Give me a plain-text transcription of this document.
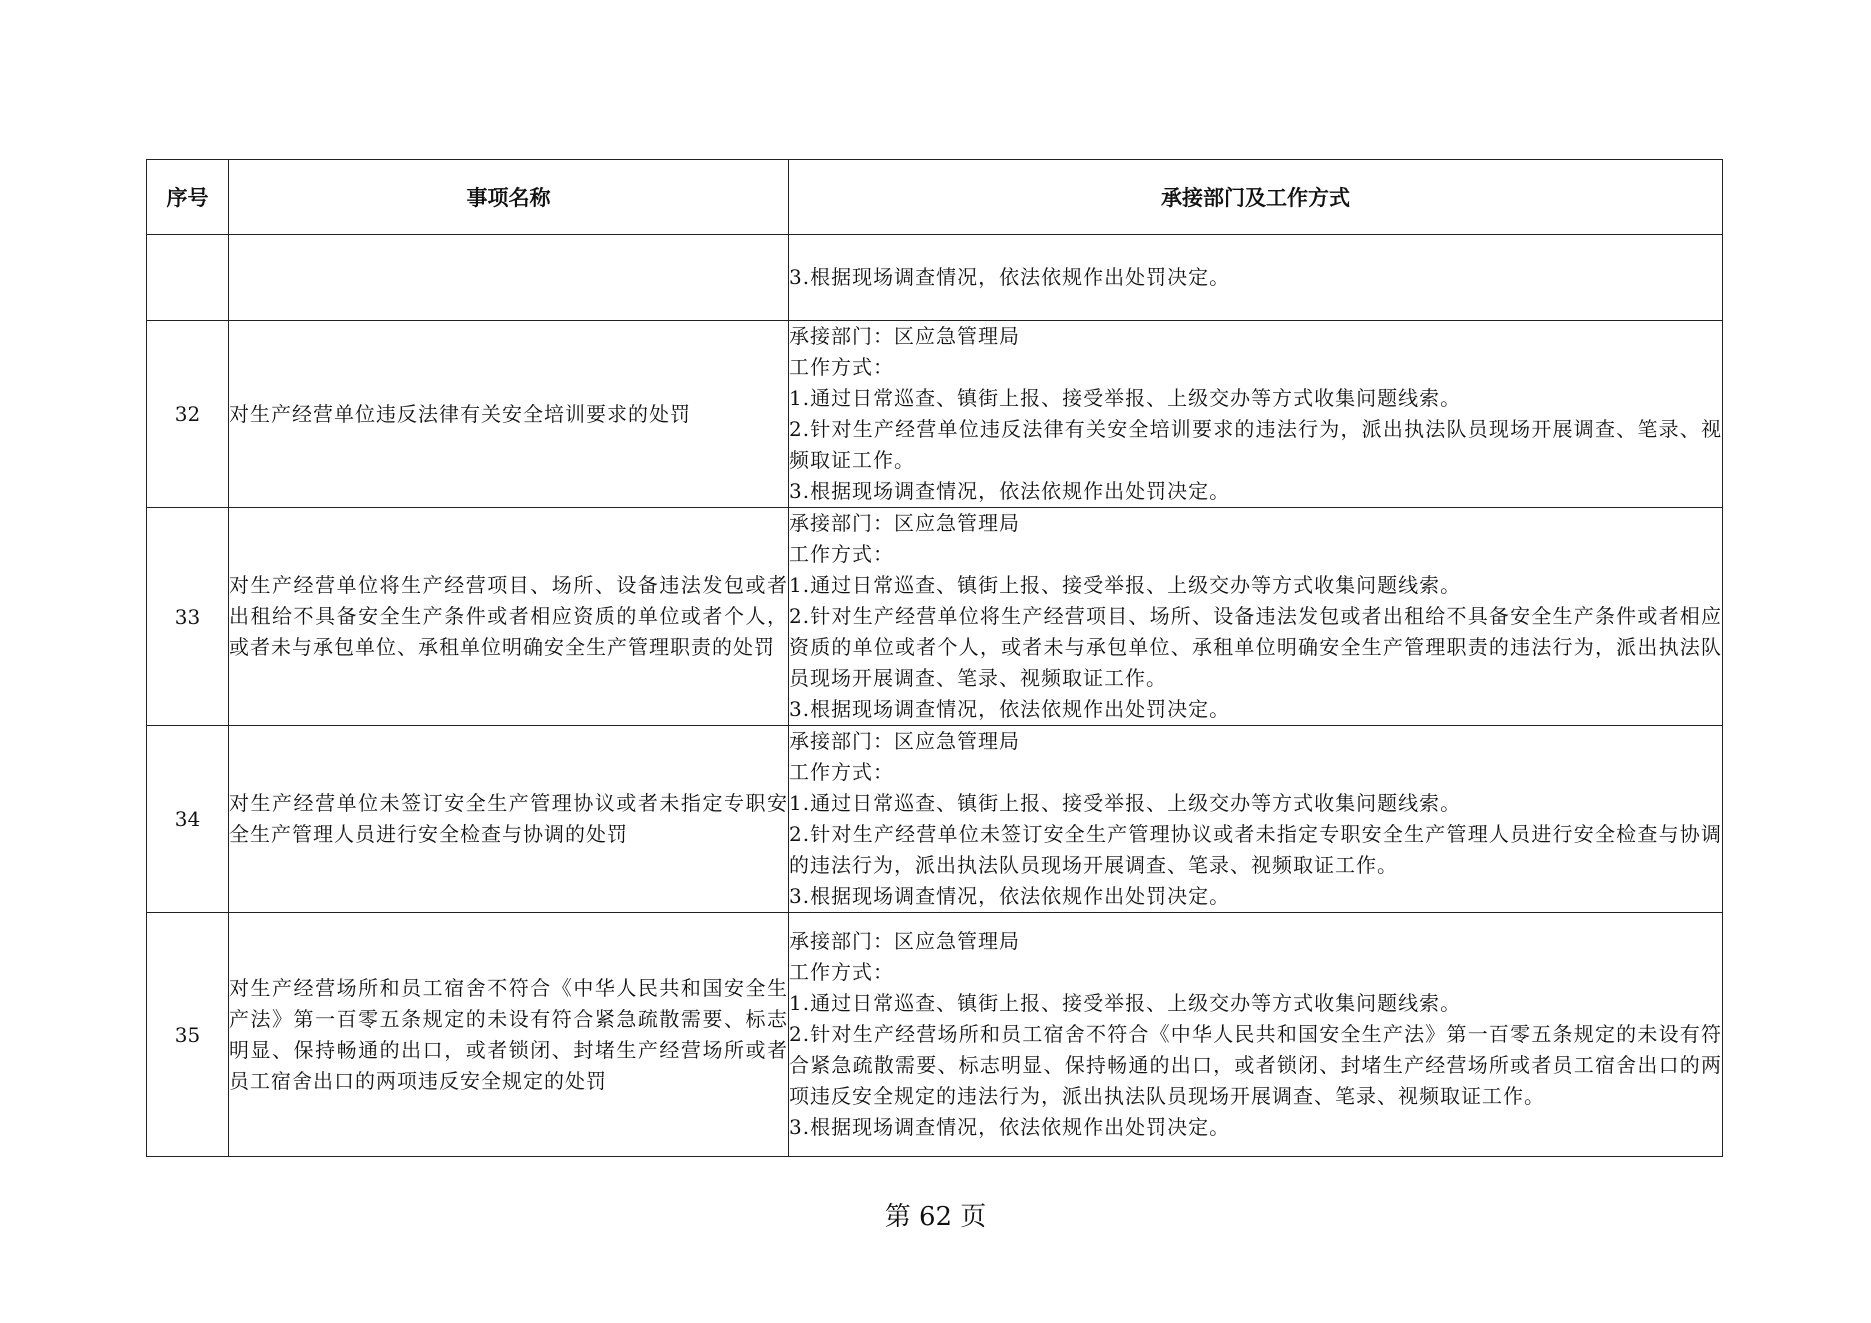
序号	事项名称	承接部门及工作方式

		3.根据现场调查情况，依法依规作出处罚决定。

32	对生产经营单位违反法律有关安全培训要求的处罚	承接部门：区应急管理局
工作方式：
1.通过日常巡查、镇街上报、接受举报、上级交办等方式收集问题线索。
2.针对生产经营单位违反法律有关安全培训要求的违法行为，派出执法队员现场开展调查、笔录、视频取证工作。
3.根据现场调查情况，依法依规作出处罚决定。

33	对生产经营单位将生产经营项目、场所、设备违法发包或者出租给不具备安全生产条件或者相应资质的单位或者个人，或者未与承包单位、承租单位明确安全生产管理职责的处罚	承接部门：区应急管理局
工作方式：
1.通过日常巡查、镇街上报、接受举报、上级交办等方式收集问题线索。
2.针对生产经营单位将生产经营项目、场所、设备违法发包或者出租给不具备安全生产条件或者相应资质的单位或者个人，或者未与承包单位、承租单位明确安全生产管理职责的违法行为，派出执法队员现场开展调查、笔录、视频取证工作。
3.根据现场调查情况，依法依规作出处罚决定。

34	对生产经营单位未签订安全生产管理协议或者未指定专职安全生产管理人员进行安全检查与协调的处罚	承接部门：区应急管理局
工作方式：
1.通过日常巡查、镇街上报、接受举报、上级交办等方式收集问题线索。
2.针对生产经营单位未签订安全生产管理协议或者未指定专职安全生产管理人员进行安全检查与协调的违法行为，派出执法队员现场开展调查、笔录、视频取证工作。
3.根据现场调查情况，依法依规作出处罚决定。

35	对生产经营场所和员工宿舍不符合《中华人民共和国安全生产法》第一百零五条规定的未设有符合紧急疏散需要、标志明显、保持畅通的出口，或者锁闭、封堵生产经营场所或者员工宿舍出口的两项违反安全规定的处罚	承接部门：区应急管理局
工作方式：
1.通过日常巡查、镇街上报、接受举报、上级交办等方式收集问题线索。
2.针对生产经营场所和员工宿舍不符合《中华人民共和国安全生产法》第一百零五条规定的未设有符合紧急疏散需要、标志明显、保持畅通的出口，或者锁闭、封堵生产经营场所或者员工宿舍出口的两项违反安全规定的违法行为，派出执法队员现场开展调查、笔录、视频取证工作。
3.根据现场调查情况，依法依规作出处罚决定。
第 62 页
